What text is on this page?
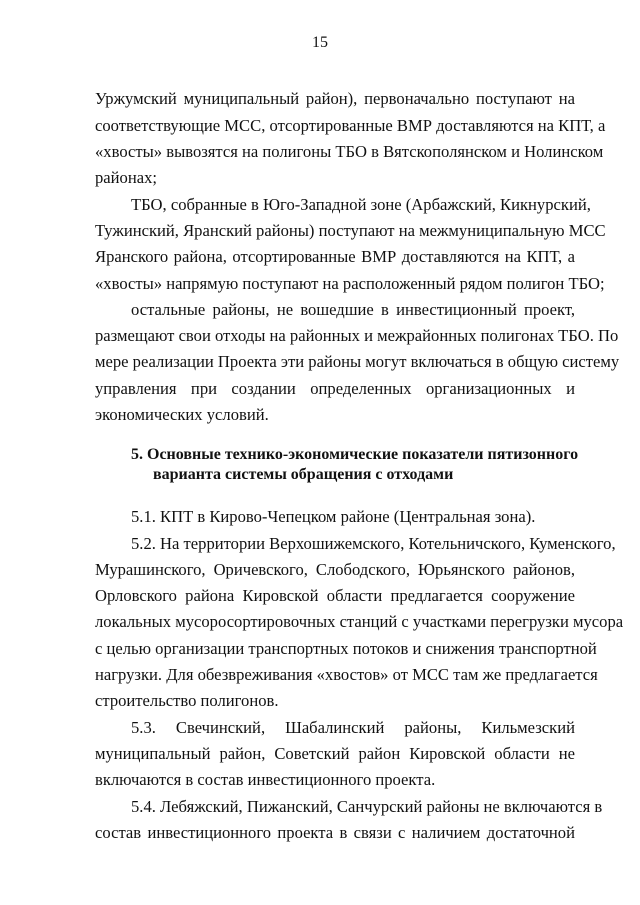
15
Уржумский муниципальный район), первоначально поступают на
соответствующие МСС, отсортированные ВМР доставляются на КПТ, а
«хвосты» вывозятся на полигоны ТБО в Вятскополянском и Нолинском
районах;
ТБО, собранные в Юго-Западной зоне (Арбажский, Кикнурский,
Тужинский, Яранский районы) поступают на межмуниципальную МСС
Яранского района, отсортированные ВМР доставляются на КПТ, а
«хвосты» напрямую поступают на расположенный рядом полигон ТБО;
остальные районы, не вошедшие в инвестиционный проект,
размещают свои отходы на районных и межрайонных полигонах ТБО. По
мере реализации Проекта эти районы могут включаться в общую систему
управления при создании определенных организационных и
экономических условий.
5. Основные технико-экономические показатели пятизонного
варианта системы обращения с отходами
5.1. КПТ в Кирово-Чепецком районе (Центральная зона).
5.2. На территории Верхошижемского, Котельничского, Куменского,
Мурашинского, Оричевского, Слободского, Юрьянского районов,
Орловского района Кировской области предлагается сооружение
локальных мусоросортировочных станций с участками перегрузки мусора
с целью организации транспортных потоков и снижения транспортной
нагрузки. Для обезвреживания «хвостов» от МСС там же предлагается
строительство полигонов.
5.3. Свечинский, Шабалинский районы, Кильмезский
муниципальный район, Советский район Кировской области не
включаются в состав инвестиционного проекта.
5.4. Лебяжский, Пижанский, Санчурский районы не включаются в
состав инвестиционного проекта в связи с наличием достаточной
